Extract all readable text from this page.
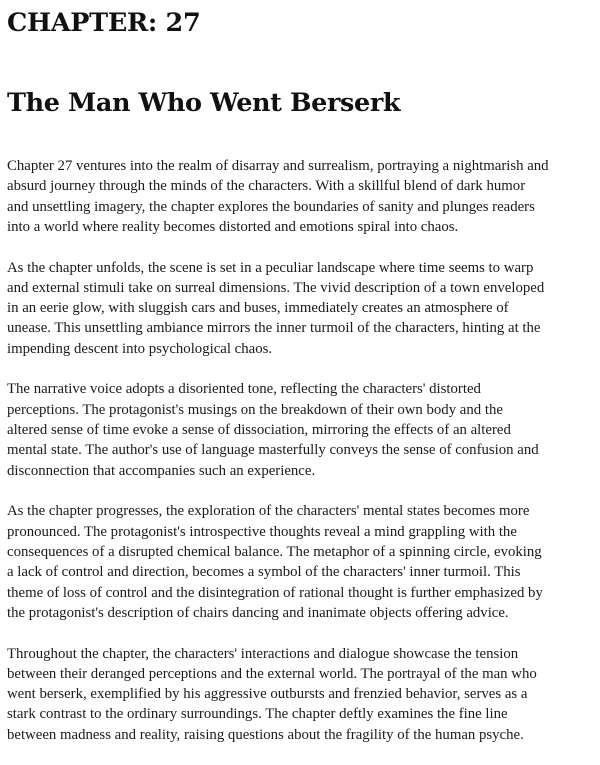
CHAPTER: 27
The Man Who Went Berserk

Chapter 27 ventures into the realm of disarray and surrealism, portraying a nightmarish and
absurd journey through the minds of the characters. With a skillful blend of dark humor
and unsettling imagery, the chapter explores the boundaries of sanity and plunges readers
into a world where reality becomes distorted and emotions spiral into chaos.

As the chapter unfolds, the scene is set in a peculiar landscape where time seems to warp
and external stimuli take on surreal dimensions. The vivid description of a town enveloped
in an eerie glow, with sluggish cars and buses, immediately creates an atmosphere of
unease. This unsettling ambiance mirrors the inner turmoil of the characters, hinting at the
impending descent into psychological chaos.

The narrative voice adopts a disoriented tone, reflecting the characters' distorted
perceptions. The protagonist's musings on the breakdown of their own body and the
altered sense of time evoke a sense of dissociation, mirroring the effects of an altered
mental state. The author's use of language masterfully conveys the sense of confusion and
disconnection that accompanies such an experience.

As the chapter progresses, the exploration of the characters' mental states becomes more
pronounced. The protagonist's introspective thoughts reveal a mind grappling with the
consequences of a disrupted chemical balance. The metaphor of a spinning circle, evoking
a lack of control and direction, becomes a symbol of the characters' inner turmoil. This
theme of loss of control and the disintegration of rational thought is further emphasized by
the protagonist's description of chairs dancing and inanimate objects offering advice.

Throughout the chapter, the characters' interactions and dialogue showcase the tension
between their deranged perceptions and the external world. The portrayal of the man who
went berserk, exemplified by his aggressive outbursts and frenzied behavior, serves as a
stark contrast to the ordinary surroundings. The chapter deftly examines the fine line
between madness and reality, raising questions about the fragility of the human psyche.
